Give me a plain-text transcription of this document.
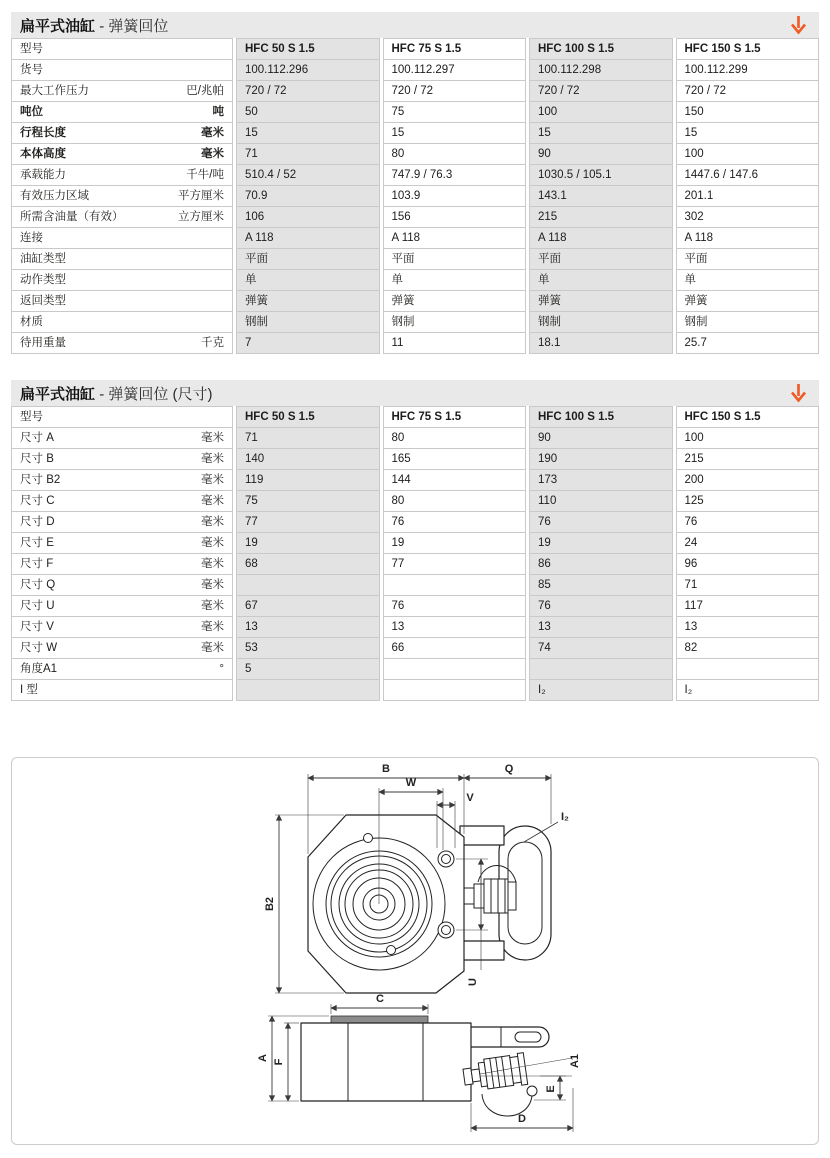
扁平式油缸 - 弹簧回位
型号	HFC 50 S 1.5	HFC 75 S 1.5	HFC 100 S 1.5	HFC 150 S 1.5
货号	100.112.296	100.112.297	100.112.298	100.112.299
最大工作压力 巴/兆帕	720 / 72	720 / 72	720 / 72	720 / 72
吨位 吨	50	75	100	150
行程长度 毫米	15	15	15	15
本体高度 毫米	71	80	90	100
承载能力 千牛/吨	510.4 / 52	747.9 / 76.3	1030.5 / 105.1	1447.6 / 147.6
有效压力区域 平方厘米	70.9	103.9	143.1	201.1
所需含油量（有效） 立方厘米	106	156	215	302
连接	A 118	A 118	A 118	A 118
油缸类型	平面	平面	平面	平面
动作类型	单	单	单	单
返回类型	弹簧	弹簧	弹簧	弹簧
材质	钢制	钢制	钢制	钢制
待用重量 千克	7	11	18.1	25.7
扁平式油缸 - 弹簧回位 (尺寸)
型号	HFC 50 S 1.5	HFC 75 S 1.5	HFC 100 S 1.5	HFC 150 S 1.5
尺寸 A 毫米	71	80	90	100
尺寸 B 毫米	140	165	190	215
尺寸 B2 毫米	119	144	173	200
尺寸 C 毫米	75	80	110	125
尺寸 D 毫米	77	76	76	76
尺寸 E 毫米	19	19	19	24
尺寸 F 毫米	68	77	86	96
尺寸 Q 毫米			85	71
尺寸 U 毫米	67	76	76	117
尺寸 V 毫米	13	13	13	13
尺寸 W 毫米	53	66	74	82
角度A1 °	5			
I 型			I₂	I₂
B	Q
W
V
B2
U
I₂
C
A
F	A1
E
D
